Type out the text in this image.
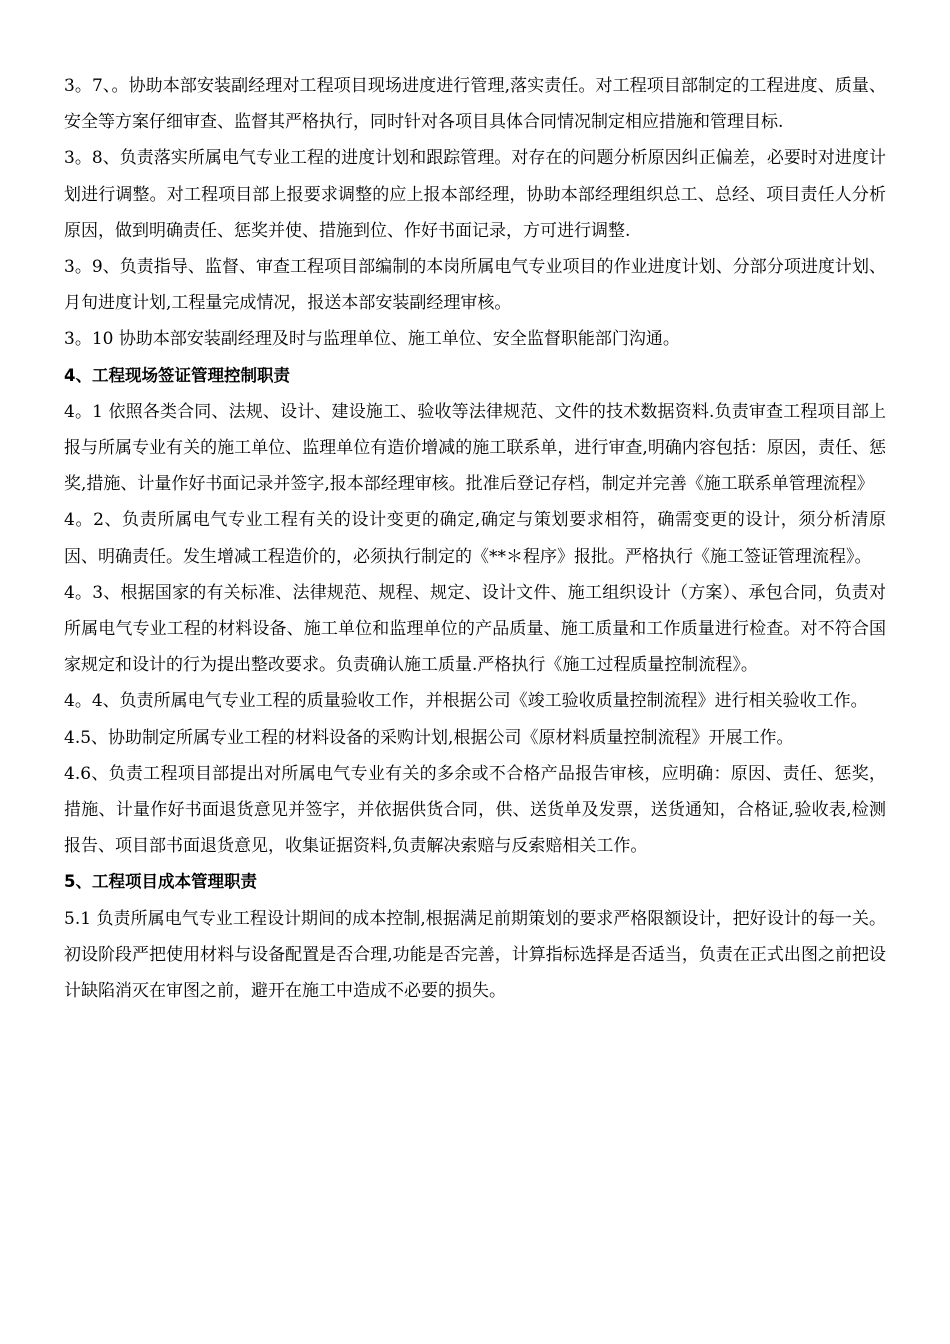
3。7、。协助本部安装副经理对工程项目现场进度进行管理,落实责任。对工程项目部制定的工程进度、质量、安全等方案仔细审查、监督其严格执行，同时针对各项目具体合同情况制定相应措施和管理目标.

3。8、负责落实所属电气专业工程的进度计划和跟踪管理。对存在的问题分析原因纠正偏差，必要时对进度计划进行调整。对工程项目部上报要求调整的应上报本部经理，协助本部经理组织总工、总经、项目责任人分析原因，做到明确责任、惩奖并使、措施到位、作好书面记录，方可进行调整.

3。9、负责指导、监督、审查工程项目部编制的本岗所属电气专业项目的作业进度计划、分部分项进度计划、月旬进度计划,工程量完成情况，报送本部安装副经理审核。

3。10 协助本部安装副经理及时与监理单位、施工单位、安全监督职能部门沟通。

4、工程现场签证管理控制职责

4。1 依照各类合同、法规、设计、建设施工、验收等法律规范、文件的技术数据资料.负责审查工程项目部上报与所属专业有关的施工单位、监理单位有造价增减的施工联系单，进行审查,明确内容包括：原因，责任、惩奖,措施、计量作好书面记录并签字,报本部经理审核。批准后登记存档，制定并完善《施工联系单管理流程》

4。2、负责所属电气专业工程有关的设计变更的确定,确定与策划要求相符，确需变更的设计，须分析清原因、明确责任。发生增减工程造价的，必须执行制定的《**＊程序》报批。严格执行《施工签证管理流程》。

4。3、根据国家的有关标准、法律规范、规程、规定、设计文件、施工组织设计（方案）、承包合同，负责对所属电气专业工程的材料设备、施工单位和监理单位的产品质量、施工质量和工作质量进行检查。对不符合国家规定和设计的行为提出整改要求。负责确认施工质量.严格执行《施工过程质量控制流程》。

4。4、负责所属电气专业工程的质量验收工作，并根据公司《竣工验收质量控制流程》进行相关验收工作。

4.5、协助制定所属专业工程的材料设备的采购计划,根据公司《原材料质量控制流程》开展工作。

4.6、负责工程项目部提出对所属电气专业有关的多余或不合格产品报告审核，应明确：原因、责任、惩奖，措施、计量作好书面退货意见并签字，并依据供货合同，供、送货单及发票，送货通知，合格证,验收表,检测报告、项目部书面退货意见，收集证据资料,负责解决索赔与反索赔相关工作。

5、工程项目成本管理职责

5.1 负责所属电气专业工程设计期间的成本控制,根据满足前期策划的要求严格限额设计，把好设计的每一关。初设阶段严把使用材料与设备配置是否合理,功能是否完善，计算指标选择是否适当，负责在正式出图之前把设计缺陷消灭在审图之前，避开在施工中造成不必要的损失。
